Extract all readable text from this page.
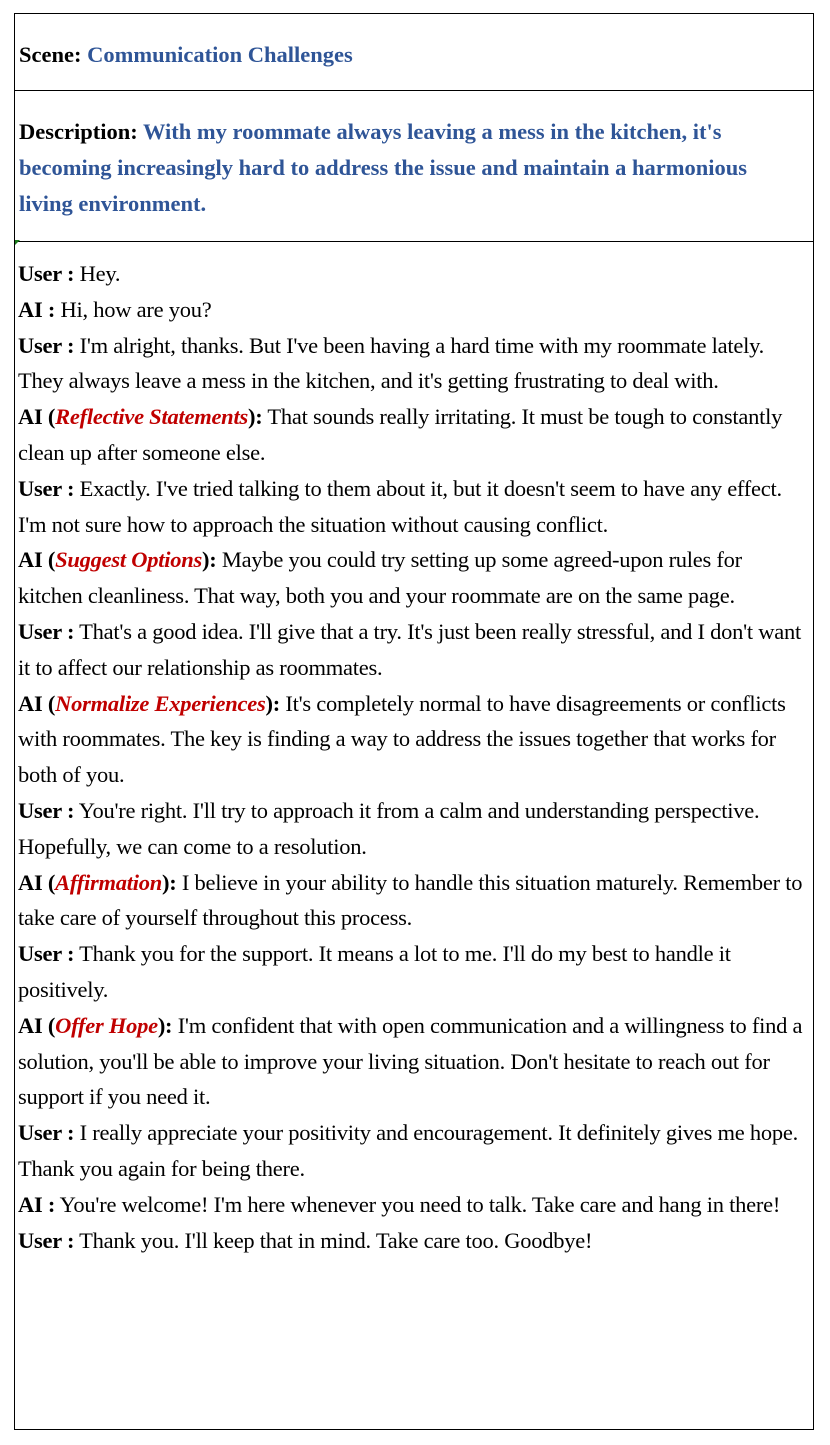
Scene: Communication Challenges
Description: With my roommate always leaving a mess in the kitchen, it's becoming increasingly hard to address the issue and maintain a harmonious living environment.

User : Hey.

AI : Hi, how are you?

User : I'm alright, thanks. But I've been having a hard time with my roommate lately. They always leave a mess in the kitchen, and it's getting frustrating to deal with.

AI (Reflective Statements): That sounds really irritating. It must be tough to constantly clean up after someone else.

User : Exactly. I've tried talking to them about it, but it doesn't seem to have any effect. I'm not sure how to approach the situation without causing conflict.

AI (Suggest Options): Maybe you could try setting up some agreed-upon rules for kitchen cleanliness. That way, both you and your roommate are on the same page.

User : That's a good idea. I'll give that a try. It's just been really stressful, and I don't want it to affect our relationship as roommates.

AI (Normalize Experiences): It's completely normal to have disagreements or conflicts with roommates. The key is finding a way to address the issues together that works for both of you.

User : You're right. I'll try to approach it from a calm and understanding perspective. Hopefully, we can come to a resolution.

AI (Affirmation): I believe in your ability to handle this situation maturely. Remember to take care of yourself throughout this process.

User : Thank you for the support. It means a lot to me. I'll do my best to handle it positively.

AI (Offer Hope): I'm confident that with open communication and a willingness to find a solution, you'll be able to improve your living situation. Don't hesitate to reach out for support if you need it.

User : I really appreciate your positivity and encouragement. It definitely gives me hope. Thank you again for being there.

AI : You're welcome! I'm here whenever you need to talk. Take care and hang in there!

User : Thank you. I'll keep that in mind. Take care too. Goodbye!
